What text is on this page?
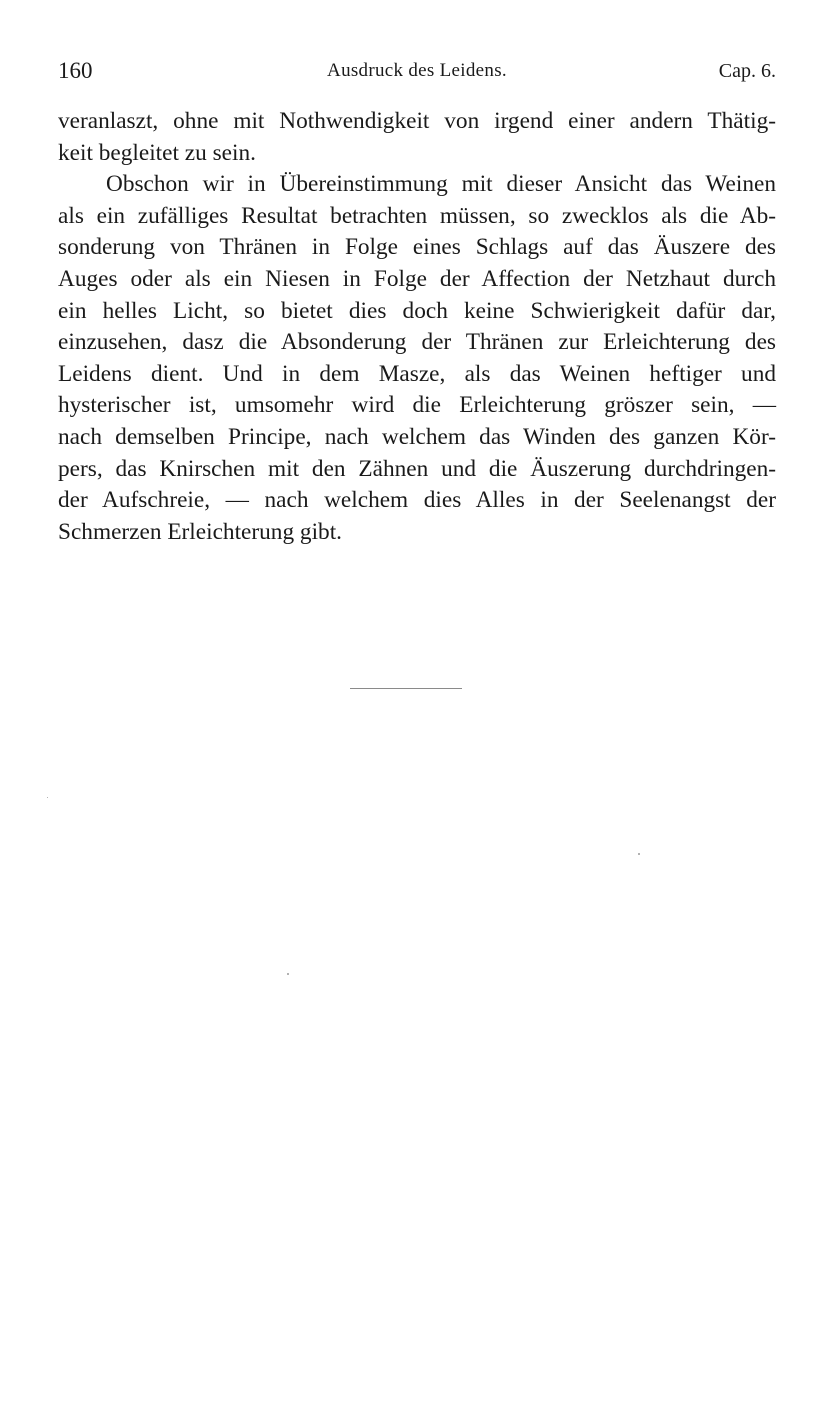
160	Ausdruck des Leidens.	Cap. 6.
veranlaszt, ohne mit Nothwendigkeit von irgend einer andern Thätig-
keit begleitet zu sein.
Obschon wir in Übereinstimmung mit dieser Ansicht das Weinen
als ein zufälliges Resultat betrachten müssen, so zwecklos als die Ab-
sonderung von Thränen in Folge eines Schlags auf das Äuszere des
Auges oder als ein Niesen in Folge der Affection der Netzhaut durch
ein helles Licht, so bietet dies doch keine Schwierigkeit dafür dar,
einzusehen, dasz die Absonderung der Thränen zur Erleichterung des
Leidens dient. Und in dem Masze, als das Weinen heftiger und
hysterischer ist, umsomehr wird die Erleichterung gröszer sein, —
nach demselben Principe, nach welchem das Winden des ganzen Kör-
pers, das Knirschen mit den Zähnen und die Äuszerung durchdringen-
der Aufschreie, — nach welchem dies Alles in der Seelenangst der
Schmerzen Erleichterung gibt.
